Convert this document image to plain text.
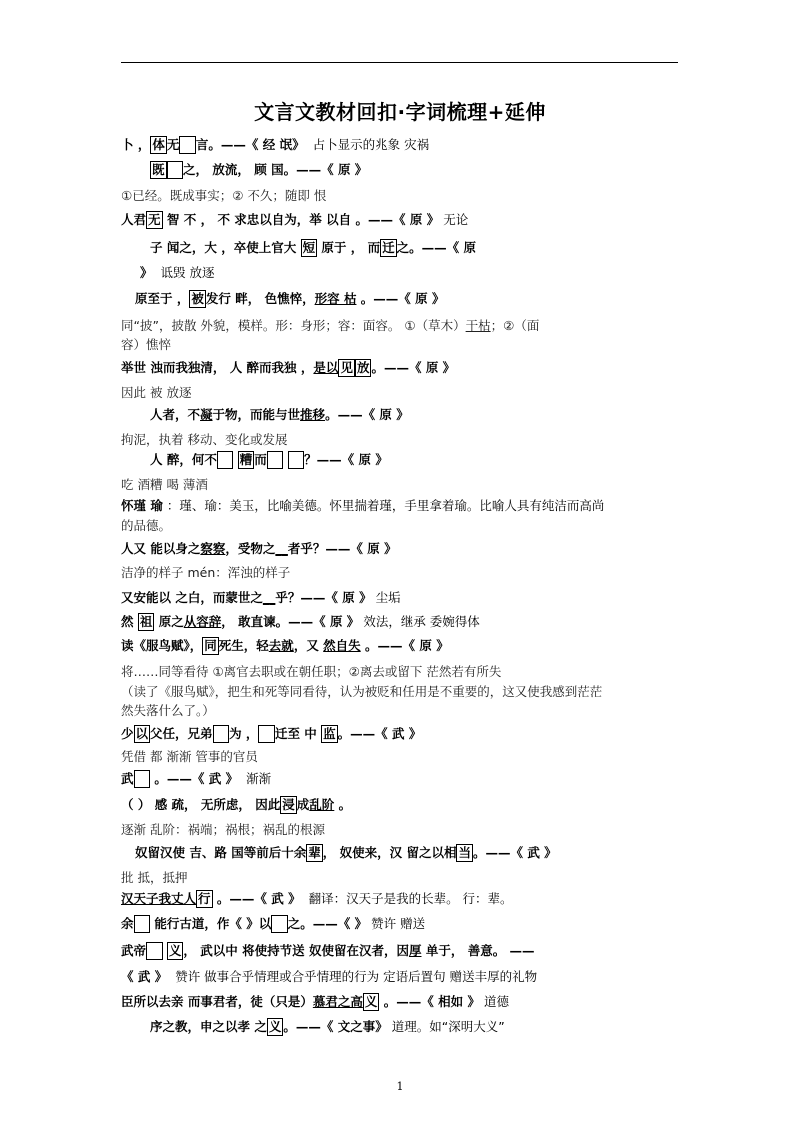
文言文教材回扣·字词梳理+延伸
卜 ， 体 无　 言。——《 经 氓》 占卜显示的兆象 灾祸
既　 之， 放流， 顾 国。——《 原 》
①已经。既成事实；② 不久；随即 恨
人君 无 智 不 ， 不 求忠以自为，举 以自 。——《 原 》 无论
子 闻之，大 ，卒使上官大 短 原于 ， 而 迁 之。——《 原
》 诋毁 放逐
原至于 ， 被 发行 畔， 色憔悴，形容 枯 。——《 原 》
同“披”，披散 外貌，模样。形：身形；容：面容。 ①（草木）干枯；②（面
容）憔悴
举世 浊而我独清， 人 醉而我独 ，是以 见 放 。——《 原 》
因此 被 放逐
人者，不凝于物，而能与世推移。——《 原 》
拘泥，执着 移动、变化或发展
人 醉，何不　 糟 而　 　	？——《 原 》
吃 酒糟 喝 薄酒
怀瑾 瑜 ：瑾、瑜：美玉，比喻美德。怀里揣着瑾，手里拿着瑜。比喻人具有纯洁而高尚
的品德。
人又 能以身之察察，受物之__者乎？——《 原 》
洁净的样子 mén：浑浊的样子
又安能以 之白，而蒙世之__乎？——《 原 》 尘垢
然 祖 原之从容辞， 敢直谏。——《 原 》 效法，继承 委婉得体
读《服鸟赋》， 同 死生，轻去就，又 然自失 。——《 原 》
将……同等看待 ①离官去职或在朝任职；②离去或留下 茫然若有所失
（读了《服鸟赋》，把生和死等同看待，认为被贬和任用是不重要的，这又使我感到茫茫
然失落什么了。）
少 以 父任，兄弟　 为 ，　 迁至 中 监 。——《 武 》
凭借 都 渐渐 管事的官员
武　 。——《 武 》 渐渐
（ ） 感 疏， 无所虑， 因此 浸 成乱阶 。
逐渐 乱阶：祸端；祸根；祸乱的根源
奴留汉使 吉、路 国等前后十余 辈 ， 奴使来，汉 留之以相 当 。——《 武 》
批 抵，抵押
汉天子我丈人 行 。——《 武 》 翻译：汉天子是我的长辈。 行：辈。
余　 能行古道，作《 》以　 之。——《 》 赞许 赠送
武帝　 义 ， 武以中 将使持节送 奴使留在汉者，因厚 单于， 善意。 ——
《 武 》 赞许 做事合乎情理或合乎情理的行为 定语后置句 赠送丰厚的礼物
臣所以去亲 而事君者，徒（只是）慕君之高 义 。——《 相如 》 道德
序之教，申之以孝 之 义 。——《 文之事》 道理。如“深明大义”
1
